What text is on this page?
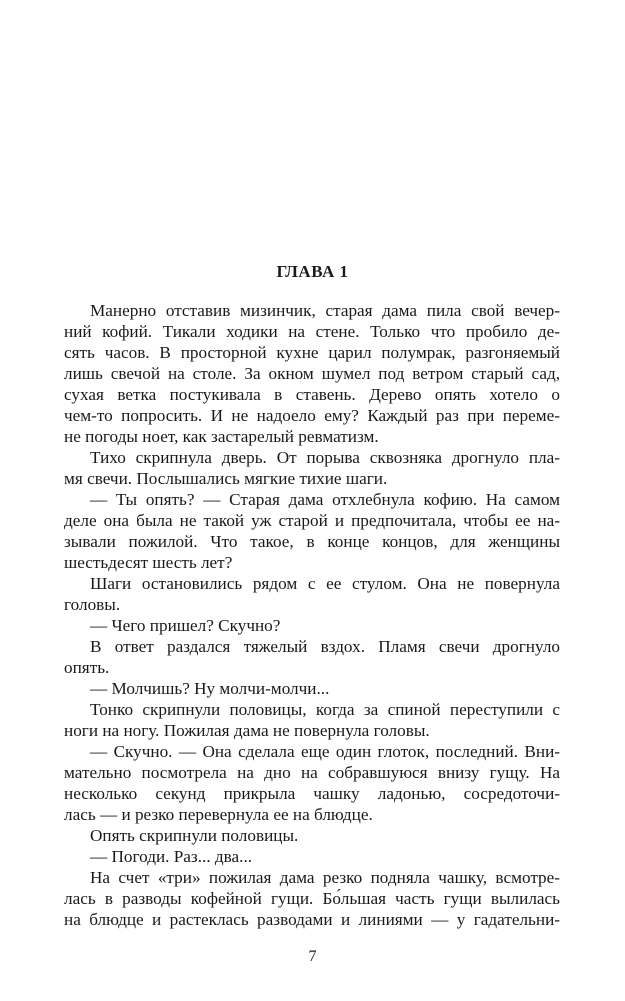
ГЛАВА 1
Манерно отставив мизинчик, старая дама пила свой вечер-
ний кофий. Тикали ходики на стене. Только что пробило де-
сять часов. В просторной кухне царил полумрак, разгоняемый
лишь свечой на столе. За окном шумел под ветром старый сад,
сухая ветка постукивала в ставень. Дерево опять хотело о
чем-то попросить. И не надоело ему? Каждый раз при переме-
не погоды ноет, как застарелый ревматизм.
Тихо скрипнула дверь. От порыва сквозняка дрогнуло пла-
мя свечи. Послышались мягкие тихие шаги.
— Ты опять? — Старая дама отхлебнула кофию. На самом
деле она была не такой уж старой и предпочитала, чтобы ее на-
зывали пожилой. Что такое, в конце концов, для женщины
шестьдесят шесть лет?
Шаги остановились рядом с ее стулом. Она не повернула
головы.
— Чего пришел? Скучно?
В ответ раздался тяжелый вздох. Пламя свечи дрогнуло
опять.
— Молчишь? Ну молчи-молчи...
Тонко скрипнули половицы, когда за спиной переступили с
ноги на ногу. Пожилая дама не повернула головы.
— Скучно. — Она сделала еще один глоток, последний. Вни-
мательно посмотрела на дно на собравшуюся внизу гущу. На
несколько секунд прикрыла чашку ладонью, сосредоточи-
лась — и резко перевернула ее на блюдце.
Опять скрипнули половицы.
— Погоди. Раз... два...
На счет «три» пожилая дама резко подняла чашку, всмотре-
лась в разводы кофейной гущи. Бо́льшая часть гущи вылилась
на блюдце и растеклась разводами и линиями — у гадательни-
7
